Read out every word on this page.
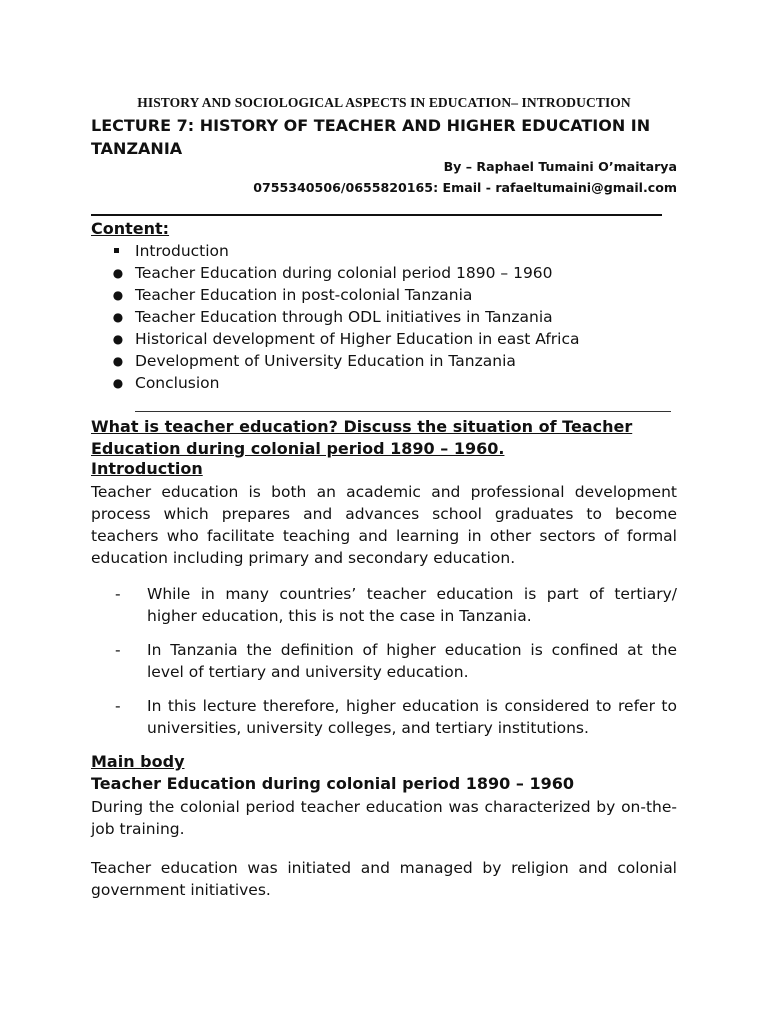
HISTORY AND SOCIOLOGICAL ASPECTS IN EDUCATION– INTRODUCTION
LECTURE 7: HISTORY OF TEACHER AND HIGHER EDUCATION IN TANZANIA
By – Raphael Tumaini O’maitarya
0755340506/0655820165: Email - rafaeltumaini@gmail.com
Content:
Introduction
● Teacher Education during colonial period 1890 – 1960
● Teacher Education in post-colonial Tanzania
● Teacher Education through ODL initiatives in Tanzania
● Historical development of Higher Education in east Africa
● Development of University Education in Tanzania
● Conclusion
What is teacher education? Discuss the situation of Teacher Education during colonial period 1890 – 1960.
Introduction
Teacher education is both an academic and professional development process which prepares and advances school graduates to become teachers who facilitate teaching and learning in other sectors of formal education including primary and secondary education.
- While in many countries’ teacher education is part of tertiary/ higher education, this is not the case in Tanzania.
- In Tanzania the definition of higher education is confined at the level of tertiary and university education.
- In this lecture therefore, higher education is considered to refer to universities, university colleges, and tertiary institutions.
Main body
Teacher Education during colonial period 1890 – 1960
During the colonial period teacher education was characterized by on-the-job training.
Teacher education was initiated and managed by religion and colonial government initiatives.
